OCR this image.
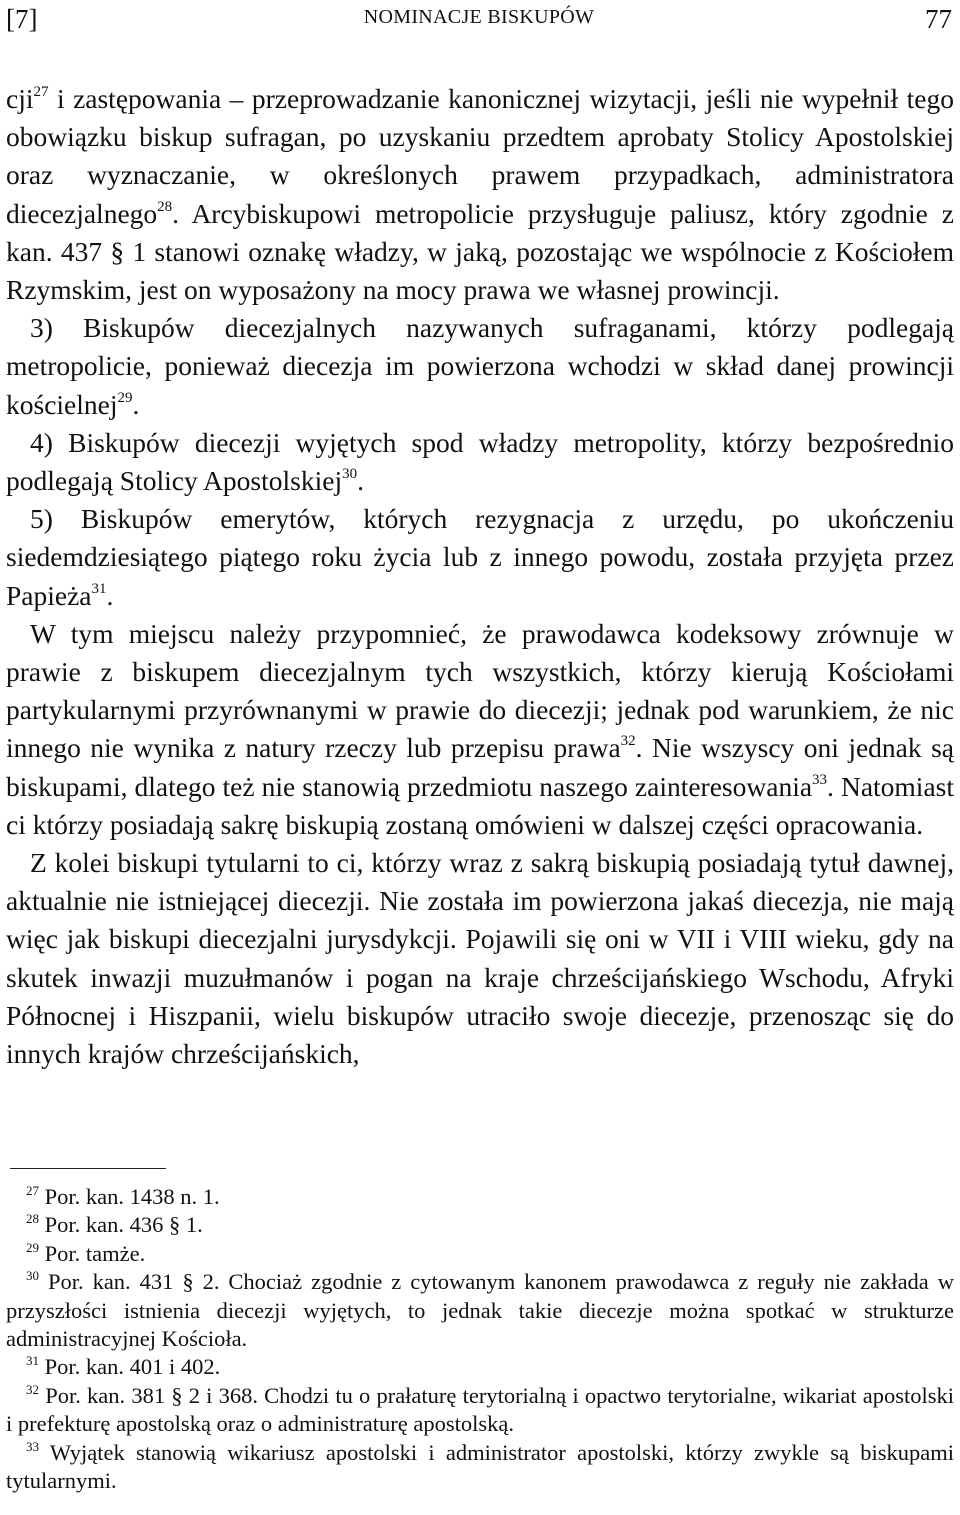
[7]	NOMINACJE BISKUPÓW	77

cji$^{27}$ i zastępowania – przeprowadzanie kanonicznej wizytacji, jeśli nie wypełnił tego obowiązku biskup sufragan, po uzyskaniu przedtem aprobaty Stolicy Apostolskiej oraz wyznaczanie, w określonych prawem przypadkach, administratora diecezjalnego$^{28}$. Arcybiskupowi metropolicie przysługuje paliusz, który zgodnie z kan. 437 § 1 stanowi oznakę władzy, w jaką, pozostając we wspólnocie z Kościołem Rzymskim, jest on wyposażony na mocy prawa we własnej prowincji.

3) Biskupów diecezjalnych nazywanych sufraganami, którzy podlegają metropolicie, ponieważ diecezja im powierzona wchodzi w skład danej prowincji kościelnej$^{29}$.

4) Biskupów diecezji wyjętych spod władzy metropolity, którzy bezpośrednio podlegają Stolicy Apostolskiej$^{30}$.

5) Biskupów emerytów, których rezygnacja z urzędu, po ukończeniu siedemdziesiątego piątego roku życia lub z innego powodu, została przyjęta przez Papieża$^{31}$.

W tym miejscu należy przypomnieć, że prawodawca kodeksowy zrównuje w prawie z biskupem diecezjalnym tych wszystkich, którzy kierują Kościołami partykularnymi przyrównanymi w prawie do diecezji; jednak pod warunkiem, że nic innego nie wynika z natury rzeczy lub przepisu prawa$^{32}$. Nie wszyscy oni jednak są biskupami, dlatego też nie stanowią przedmiotu naszego zainteresowania$^{33}$. Natomiast ci którzy posiadają sakrę biskupią zostaną omówieni w dalszej części opracowania.

Z kolei biskupi tytularni to ci, którzy wraz z sakrą biskupią posiadają tytuł dawnej, aktualnie nie istniejącej diecezji. Nie została im powierzona jakaś diecezja, nie mają więc jak biskupi diecezjalni jurysdykcji. Pojawili się oni w VII i VIII wieku, gdy na skutek inwazji muzułmanów i pogan na kraje chrześcijańskiego Wschodu, Afryki Północnej i Hiszpanii, wielu biskupów utraciło swoje diecezje, przenosząc się do innych krajów chrześcijańskich,

$^{27}$ Por. kan. 1438 n. 1.

$^{28}$ Por. kan. 436 § 1.

$^{29}$ Por. tamże.

$^{30}$ Por. kan. 431 § 2. Chociaż zgodnie z cytowanym kanonem prawodawca z reguły nie zakłada w przyszłości istnienia diecezji wyjętych, to jednak takie diecezje można spotkać w strukturze administracyjnej Kościoła.

$^{31}$ Por. kan. 401 i 402.

$^{32}$ Por. kan. 381 § 2 i 368. Chodzi tu o prałaturę terytorialną i opactwo terytorialne, wikariat apostolski i prefekturę apostolską oraz o administraturę apostolską.

$^{33}$ Wyjątek stanowią wikariusz apostolski i administrator apostolski, którzy zwykle są biskupami tytularnymi.
